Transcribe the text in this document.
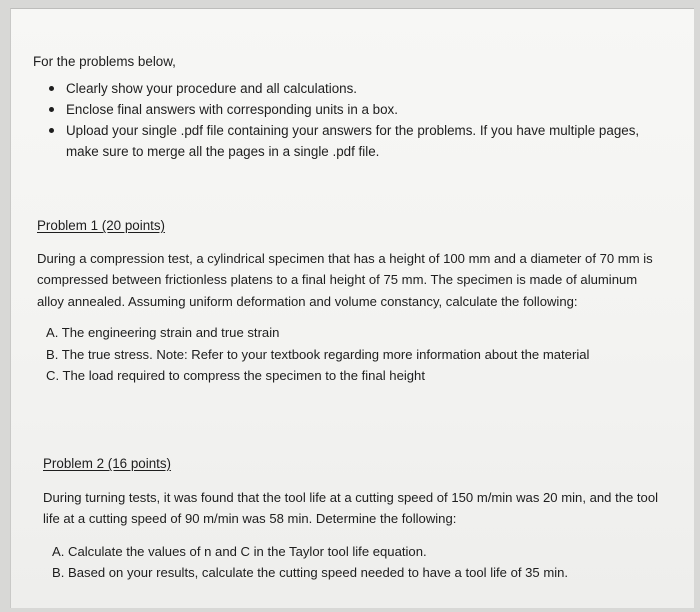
For the problems below,

Clearly show your procedure and all calculations.
Enclose final answers with corresponding units in a box.
Upload your single .pdf file containing your answers for the problems. If you have multiple pages, make sure to merge all the pages in a single .pdf file.

Problem 1 (20 points)

During a compression test, a cylindrical specimen that has a height of 100 mm and a diameter of 70 mm is compressed between frictionless platens to a final height of 75 mm. The specimen is made of aluminum alloy annealed. Assuming uniform deformation and volume constancy, calculate the following:

A. The engineering strain and true strain
B. The true stress. Note: Refer to your textbook regarding more information about the material
C. The load required to compress the specimen to the final height

Problem 2 (16 points)

During turning tests, it was found that the tool life at a cutting speed of 150 m/min was 20 min, and the tool life at a cutting speed of 90 m/min was 58 min. Determine the following:

A. Calculate the values of n and C in the Taylor tool life equation.
B. Based on your results, calculate the cutting speed needed to have a tool life of 35 min.
